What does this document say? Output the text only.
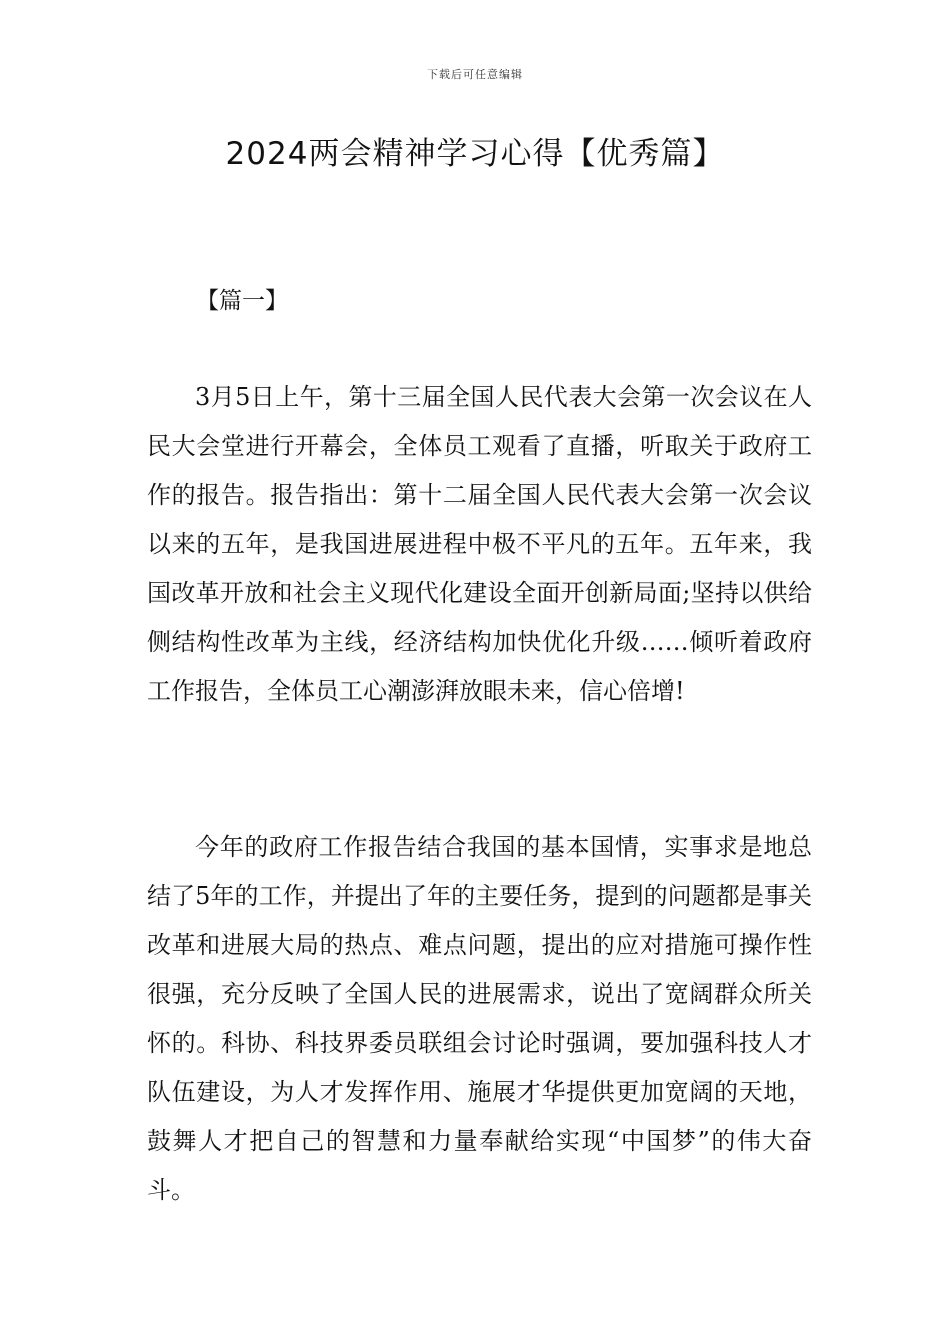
下载后可任意编辑
2024两会精神学习心得【优秀篇】
【篇一】

3月5日上午，第十三届全国人民代表大会第一次会议在人民大会堂进行开幕会，全体员工观看了直播，听取关于政府工作的报告。报告指出：第十二届全国人民代表大会第一次会议以来的五年，是我国进展进程中极不平凡的五年。五年来，我国改革开放和社会主义现代化建设全面开创新局面;坚持以供给侧结构性改革为主线，经济结构加快优化升级……倾听着政府工作报告，全体员工心潮澎湃放眼未来，信心倍增!

今年的政府工作报告结合我国的基本国情，实事求是地总结了5年的工作，并提出了年的主要任务，提到的问题都是事关改革和进展大局的热点、难点问题，提出的应对措施可操作性很强，充分反映了全国人民的进展需求，说出了宽阔群众所关怀的。科协、科技界委员联组会讨论时强调，要加强科技人才队伍建设，为人才发挥作用、施展才华提供更加宽阔的天地，鼓舞人才把自己的智慧和力量奉献给实现“中国梦”的伟大奋斗。
